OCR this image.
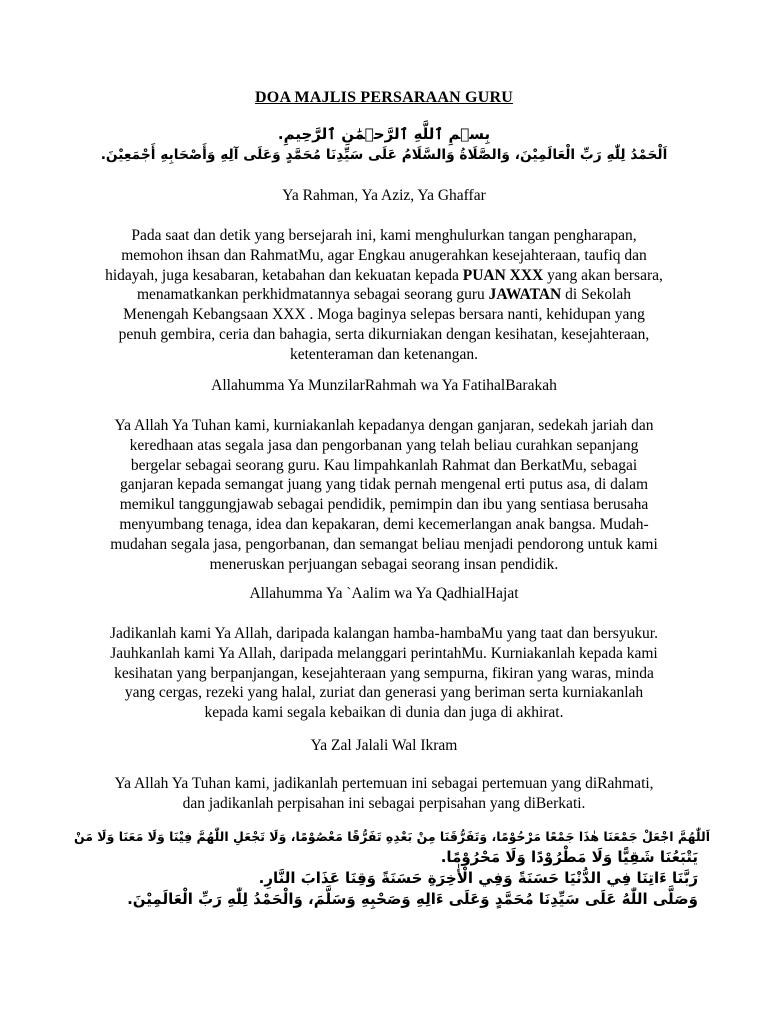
DOA MAJLIS PERSARAAN GURU
بِسۡمِ ٱللَّهِ ٱلرَّحۡمَٰنِ ٱلرَّحِيمِ.
اَلْحَمْدُ لِلّٰهِ رَبِّ الْعَالَمِيْنَ، وَالصَّلَاةُ وَالسَّلَامُ عَلَى سَيِّدِنَا مُحَمَّدٍ وَعَلَى آلِهِ وَأَصْحَابِهِ أَجْمَعِيْنَ.
Ya Rahman, Ya Aziz, Ya Ghaffar
Pada saat dan detik yang bersejarah ini, kami menghulurkan tangan pengharapan,
memohon ihsan dan RahmatMu, agar Engkau anugerahkan kesejahteraan, taufiq dan
hidayah, juga kesabaran, ketabahan dan kekuatan kepada PUAN XXX yang akan bersara,
menamatkankan perkhidmatannya sebagai seorang guru JAWATAN di Sekolah
Menengah Kebangsaan XXX . Moga baginya selepas bersara nanti, kehidupan yang
penuh gembira, ceria dan bahagia, serta dikurniakan dengan kesihatan, kesejahteraan,
ketenteraman dan ketenangan.
Allahumma Ya MunzilarRahmah wa Ya FatihalBarakah
Ya Allah Ya Tuhan kami, kurniakanlah kepadanya dengan ganjaran, sedekah jariah dan
keredhaan atas segala jasa dan pengorbanan yang telah beliau curahkan sepanjang
bergelar sebagai seorang guru. Kau limpahkanlah Rahmat dan BerkatMu, sebagai
ganjaran kepada semangat juang yang tidak pernah mengenal erti putus asa, di dalam
memikul tanggungjawab sebagai pendidik, pemimpin dan ibu yang sentiasa berusaha
menyumbang tenaga, idea dan kepakaran, demi kecemerlangan anak bangsa. Mudah-
mudahan segala jasa, pengorbanan, dan semangat beliau menjadi pendorong untuk kami
meneruskan perjuangan sebagai seorang insan pendidik.
Allahumma Ya `Aalim wa Ya QadhialHajat
Jadikanlah kami Ya Allah, daripada kalangan hamba-hambaMu yang taat dan bersyukur.
Jauhkanlah kami Ya Allah, daripada melanggari perintahMu. Kurniakanlah kepada kami
kesihatan yang berpanjangan, kesejahteraan yang sempurna, fikiran yang waras, minda
yang cergas, rezeki yang halal, zuriat dan generasi yang beriman serta kurniakanlah
kepada kami segala kebaikan di dunia dan juga di akhirat.
Ya Zal Jalali Wal Ikram
Ya Allah Ya Tuhan kami, jadikanlah pertemuan ini sebagai pertemuan yang diRahmati,
dan jadikanlah perpisahan ini sebagai perpisahan yang diBerkati.
اَللّٰهُمَّ اجْعَلْ جَمْعَنَا هٰذَا جَمْعًا مَرْحُوْمًا، وَتَفَرُّقَنَا مِنْ بَعْدِهِ تَفَرُّقًا مَعْصُوْمًا، وَلَا تَجْعَلِ اللّٰهُمَّ فِيْنَا وَلَا مَعَنَا وَلَا مَنْ
يَتْبَعُنَا شَقِيًّا وَلَا مَطْرُوْدًا وَلَا مَحْرُوْمًا.
رَبَّنَا ءَاتِنَا فِي الدُّنْيَا حَسَنَةً وَفِي الْأٰخِرَةِ حَسَنَةً وَقِنَا عَذَابَ النَّارِ.
وَصَلَّى اللّٰهُ عَلَى سَيِّدِنَا مُحَمَّدٍ وَعَلَى ءَالِهِ وَصَحْبِهِ وَسَلَّمَ، وَالْحَمْدُ لِلّٰهِ رَبِّ الْعَالَمِيْنَ.
